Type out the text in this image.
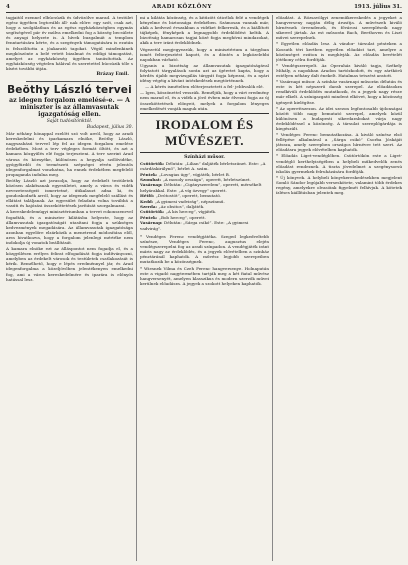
4	ARADI KÖZLÖNY	1913. július 31.

tagjaitól ezennel elbúcsúzik és üdvözölve marad. A testület egész ügyében legtovább áll- nak előre: egy szót, csak azt, hogy a szolgálatban és az egész egyházközségben egymás segítségével pár év múlva emelkedni fog a község becsülete és anyagi helyzete is. A hívek buzgalmát a templom fenntartására kérte, és a szegények támogatására is ezután is felszólította a jóakaratú tagokat. Végül mindenkinek megköszönte a belé vetett bizalmat és eddigi támogatást, amelyet az egyházközség ügyében tanúsítottak. Az egyházközség végtelen hálával és szeretettel búcsúzik tőle s kíséri további útján.

Brázay Emil.
Beöthy László tervei
az idegen forgalom emelésé-e. — A miniszter is az államvasutak igazgatóság ellen.
Saját tudósítónktól.
Budapest, július 30.

Már néhány hónappal ezelőtt szó volt arról, hogy az aradi kereskedelmi és iparkamara elnöke, Beöthy László, nagyszabású tervvel lép fel az idegen forgalom emelése érdekében. Most a terv végleges formát öltött, és azt a kamara közgyűlés elé fogja terjeszteni. A terv szerint Arad városa és környéke, különösen a hegyalja szőlővidéke, gyógyfürdői és természeti szépségei révén jelentős idegenforgalmat vonzhatna, ha ennek érdekében megfelelő propaganda indulna meg.

Beöthy László azt javasolja, hogy az érdekelt testületek közösen alakítsanak egyesületet, amely a város és vidék nevezetességeit ismertetné, útikalauzt adna ki, és gondoskodnék arról, hogy az idegenek megfelelő szállást és ellátást találjanak. Az egyesület feladata volna továbbá a vasúti és hajózási összeköttetések javítását szorgalmazni.

A kereskedelemügyi minisztériumban a tervet rokonszenvvel fogadták, és a miniszter kilátásba helyezte, hogy az államvasutak igazgatóságát utasítani fogja a szükséges kedvezmények megadására. Az államvasutak igazgatósága azonban egyelőre elzárkózik a menetrend módosítása elől, arra hivatkozva, hogy a forgalom jelenlegi mértéke nem indokolja új vonatok beállítását.

A kamara elnöke ezt az álláspontot nem fogadja el, és a közgyűlésen erélyes felirat elfogadását fogja indítványozni, amelyben az érdekelt városok és testületek csatlakozását is kérik. Remélhető, hogy e lépés eredménnyel jár, és Arad idegenforgalma a közeljövőben jelentékenyen emelkedni fog, ami a város kereskedelmére és iparára is előnyös hatással lesz.

mi a kilátás közönség, és a kitűzött úticélok felé a vendégek kényelme és biztonsága érdekében. Számosan vannak már, akik a kedvező évszakban a vidéket felkeresik, és a kiállított tájképek, fényképek a legnagyobb érdeklődést keltik. A bizottság hamarosan tagjai közé fogja meghívni mindazokat, akik a terv iránt érdeklődnek.

Végezetül megjegyezzük, hogy a minisztérium a tárgyban ismét felterjesztést kapott, és a döntés a legközelebbi napokban várható.

Ugyanis a bizottság az államvasutak igazgatóságával folytatott tárgyalások során azt az ígéretet kapta, hogy a kérdés újabb megvizsgálás tárgyát fogja képezni, és a nyári idény végéig a kívánt intézkedések megtörténnek.

— A kérés ismételten előterjesztetett a fel- jebbvalók elé.

— Igen, köszönettel vesszük. Reméljük, hogy a várt eredmény nem marad el, és a vidék a jövő évben már élvezni fogja az új összeköttetések előnyeit, melyek a forgalom lényeges emelkedését vonják maguk után.

IRODALOM ÉS MŰVÉSZET.
Színházi műsor.

Csütörtök: Délután: „Lilian” daljáték bérletszünet. Este: „A csárdáskirálynő”, bérlet A. szám.

Péntek: „Lovagias ügy”, vígjáték, bérlet B.

Szombat: „A mosoly országa”, operett, bérletszünet.

Vasárnap: Délután: „Cigányszerelem”, operett, mérsékelt helyárakkal. Este: „A víg özvegy” operett.

Hétfő: „Drótostót”, operett, bemutató.

Kedd: „A gyimesi vadvirág”, népszínmű.

Szerda: „Az obsitos”, daljáték.

Csütörtök: „A kis herceg”, vígjáték.

Péntek: „Bob herceg”, operett.

Vasárnap: Délután: „Sárga csikó”. Este: „A gyimesi vadvirág”.

* Vendéges Ferenc vendégjátéka. Szeged legkedveltebb színésze, Vendéges Ferenc, augusztus elején vendégszerepelni fog az aradi színpadon. A vendégjáték iránt máris nagy az érdeklődés, és a jegyek elővételben a színház pénztáránál kaphatók. A művész legjobb szerepeiben mutatkozik be a közönségnek.

* Wiesnek Vilma és Czeh Ferenc hangversenye. Holnapután este a vigadó nagytermében tartják meg a két fiatal művész hangversenyét, amelyen klasszikus és modern szerzők művei kerülnek előadásra. A jegyek a szokott helyeken kaphatók.

előadást. A Rózsavölgyi zeneműkereskedés a jegyeket a hangverseny napján délig árusítja. A művészek kiváló hírnévnek örvendenek, és fővárosi szerepléseik nagy sikerrel jártak. Az est műsorán Bach, Beethoven és Liszt művei szerepelnek.

* Egyetlen előadás lesz. A vándor- társulat pénteken a Kossuth téri kertben egyetlen előadást tart, amelyre a közönséget ezúton is meghívják. Az előadás bevételét jótékony célra fordítják.

* Vendégszerepelt. Az Operaház kiváló tagja, Székely Mihály, a napokban Aradon tartózkodott, és egy zártkörű estélyen néhány dalt énekelt. Hatalmas tetszést aratott.

* Vasárnapi műsor. A színház vasárnapi műsorán délután és este is két népszerű darab szerepel. Az előadásokra rendkívüli érdeklődés mutatkozik, és a jegyek nagy része már elkelt. A színigazgató mindent elkövet, hogy a közönség igényeit kielégítse.

* Az operettszezon. Az idei szezon legfontosabb újdonságai között több nagy bemutató szerepel, amelyek közül különösen a budapesti sikerdarabokat várja nagy érdeklődéssel a közönség. A társulat szereplőgárdája is kiegészült.

* Vendéges Ferenc bemutatkozása. A kiváló színész első fellépése alkalmával a „Sárga csikó” Csorba Jóskáját játssza, amely szerepben országos hírnévre tett szert. Az előadásra jegyek elővételben kaphatók.

* Előadás Liget-vendéglőben. Csütörtökön este a Liget-vendéglő kerthelyiségében a helybeli műkedvelők zenés előadást rendeznek. A tiszta jövedelmet a szegénysorsú iskolás gyermekek felruházására fordítják.

* Új könyvek. A helybeli könyvkereskedésekben megjelent Somló Sándor legújabb verseskötete, valamint több érdekes regény, amelyekre olvasóink figyelmét felhívjuk. A kötetek ízléses kiállításban jelentek meg.
